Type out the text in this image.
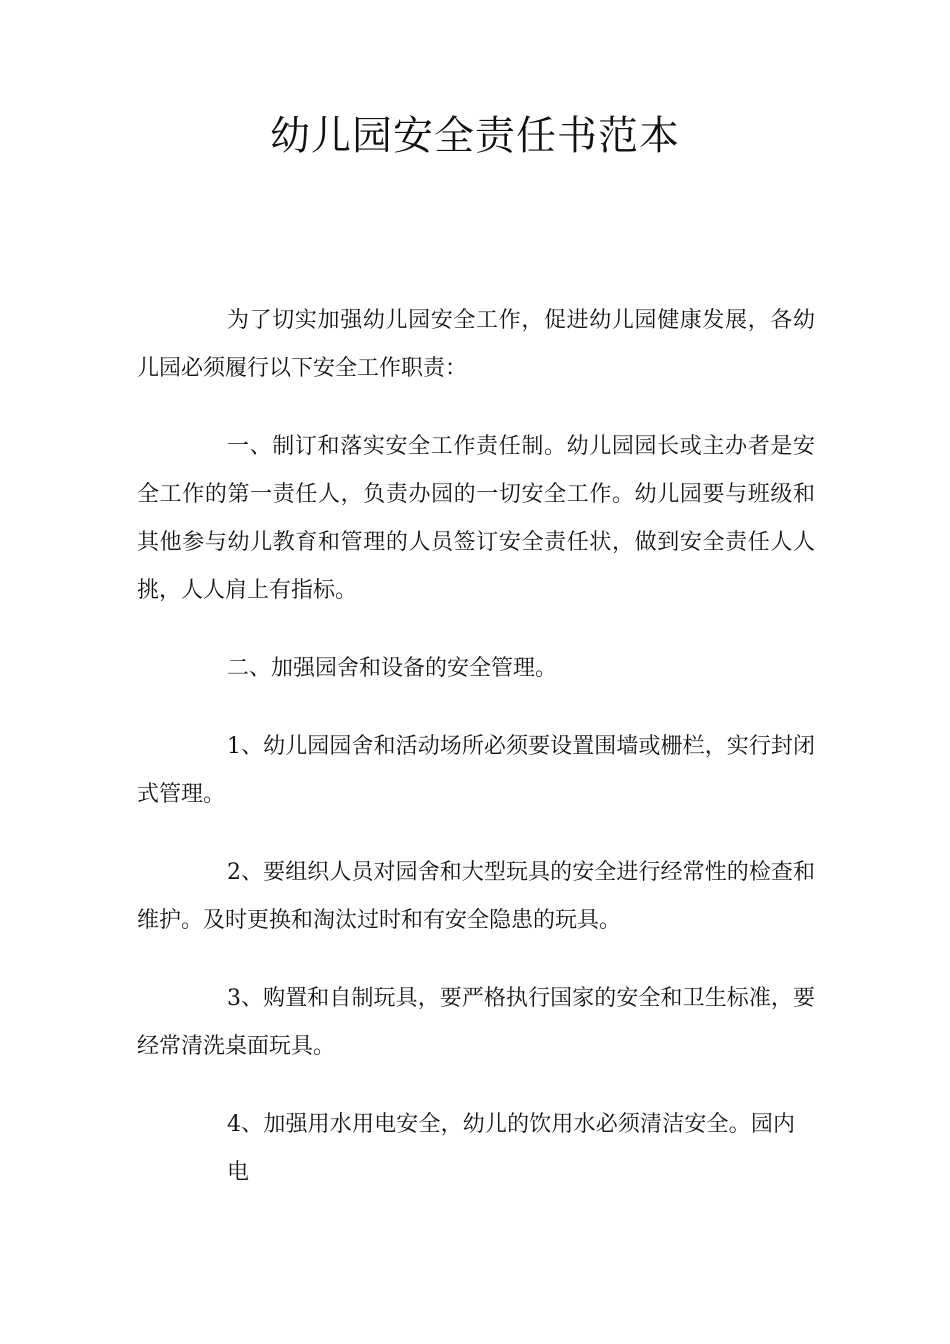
幼儿园安全责任书范本

为了切实加强幼儿园安全工作，促进幼儿园健康发展，各幼儿园必须履行以下安全工作职责：

一、制订和落实安全工作责任制。幼儿园园长或主办者是安全工作的第一责任人，负责办园的一切安全工作。幼儿园要与班级和其他参与幼儿教育和管理的人员签订安全责任状，做到安全责任人人挑，人人肩上有指标。

二、加强园舍和设备的安全管理。

1、幼儿园园舍和活动场所必须要设置围墙或栅栏，实行封闭式管理。

2、要组织人员对园舍和大型玩具的安全进行经常性的检查和维护。及时更换和淘汰过时和有安全隐患的玩具。

3、购置和自制玩具，要严格执行国家的安全和卫生标准，要经常清洗桌面玩具。

4、加强用水用电安全，幼儿的饮用水必须清洁安全。园内电
